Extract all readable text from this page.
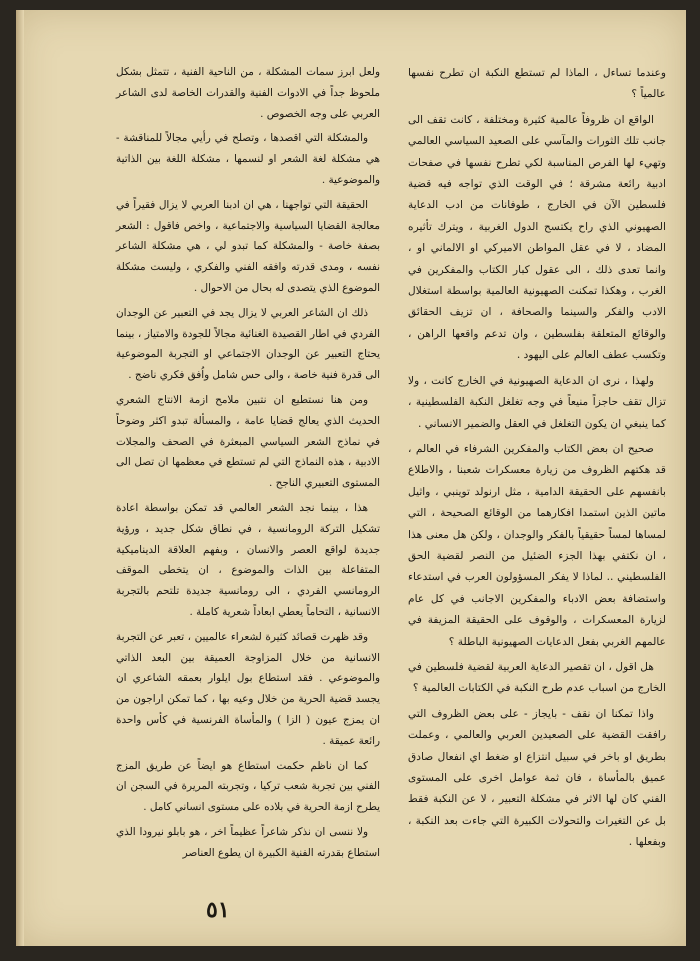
وعندما تساءل ، الماذا لم تستطع النكبة ان تطرح نفسها عالمياً ؟

الواقع ان ظروفاً عالمية كثيرة ومختلفة ، كانت تقف الى جانب تلك الثورات والمآسي على الصعيد السياسي العالمي وتهيء لها الفرص المناسبة لكي تطرح نفسها في صفحات ادبية رائعة مشرقة ؛ في الوقت الذي تواجه فيه قضية فلسطين الآن في الخارج ، طوفانات من ادب الدعاية الصهيوني الذي راح يكتسح الدول الغربية ، ويترك تأثيره المضاد ، لا في عقل المواطن الاميركي او الالماني او ، وانما تعدى ذلك ، الى عقول كبار الكتاب والمفكرين في الغرب ، وهكذا تمكنت الصهيونية العالمية بواسطة استغلال الادب والفكر والسينما والصحافة ، ان تزيف الحقائق والوقائع المتعلقة بفلسطين ، وان تدعم واقعها الراهن ، وتكسب عطف العالم على اليهود .

ولهذا ، نرى ان الدعاية الصهيونية في الخارج كانت ، ولا تزال تقف حاجزاً منيعاً في وجه تغلغل النكبة الفلسطينية ، كما ينبغي ان يكون التغلغل في العقل والضمير الانساني .

صحيح ان بعض الكتاب والمفكرين الشرفاء في العالم ، قد هكتهم الظروف من زيارة معسكرات شعبنا ، والاطلاع بانفسهم على الحقيقة الدامية ، مثل ارنولد توينبي ، واثيل ماتين الذين استمدا افكارهما من الوقائع الصحيحة ، التي لمساها لمساً حقيقياً بالفكر والوجدان ، ولكن هل معنى هذا ، ان نكتفي بهذا الجزء الضئيل من النصر لقضية الحق الفلسطيني .. لماذا لا يفكر المسؤولون العرب في استدعاء واستضافة بعض الادباء والمفكرين الاجانب في كل عام لزيارة المعسكرات ، والوقوف على الحقيقة المزيفة في عالمهم الغربي بفعل الدعايات الصهيونية الباطلة ؟

هل اقول ، ان تقصير الدعاية العربية لقضية فلسطين في الخارج من اسباب عدم طرح النكبة في الكتابات العالمية ؟

واذا تمكنا ان نقف - بايجاز - على بعض الظروف التي رافقت القضية على الصعيدين العربي والعالمي ، وعملت بطريق او باخر في سبيل انتزاع او ضغط اي انفعال صادق عميق بالمأساة ، فان ثمة عوامل اخرى على المستوى الفني كان لها الاثر في مشكلة التعبير ، لا عن النكبة فقط بل عن التغيرات والتحولات الكبيرة التي جاءت بعد النكبة ، وبفعلها .

ولعل ابرز سمات المشكلة ، من الناحية الفنية ، تتمثل بشكل ملحوظ جداً في الادوات الفنية والقدرات الخاصة لدى الشاعر العربي على وجه الخصوص .

والمشكلة التي اقصدها ، وتصلح في رأيي مجالاً للمناقشة - هي مشكلة لغة الشعر او لنسمها ، مشكلة اللغة بين الذاتية والموضوعية .

الحقيقة التي تواجهنا ، هي ان ادبنا العربي لا يزال فقيراً في معالجة القضايا السياسية والاجتماعية ، واخص فاقول : الشعر بصفة خاصة - والمشكلة كما تبدو لي ، هي مشكلة الشاعر نفسه ، ومدى قدرته وافقه الفني والفكري ، وليست مشكلة الموضوع الذي يتصدى له بحال من الاحوال .

ذلك ان الشاعر العربي لا يزال يجد في التعبير عن الوجدان الفردي في اطار القصيدة الغنائية مجالاً للجودة والامتياز ، بينما يحتاج التعبير عن الوجدان الاجتماعي او التجربة الموضوعية الى قدرة فنية خاصة ، والى حس شامل واُفق فكري ناضج .

ومن هنا نستطيع ان نتبين ملامح ازمة الانتاج الشعري الحديث الذي يعالج قضايا عامة ، والمسألة تبدو اكثر وضوحاً في نماذج الشعر السياسي المبعثرة في الصحف والمجلات الادبية ، هذه النماذج التي لم تستطع في معظمها ان تصل الى المستوى التعبيري الناجح .

هذا ، بينما نجد الشعر العالمي قد تمكن بواسطة اعادة تشكيل التركة الرومانسية ، في نطاق شكل جديد ، ورؤية جديدة لواقع العصر والانسان ، وبفهم العلاقة الديناميكية المتفاعلة بين الذات والموضوع ، ان يتخطى الموقف الرومانسي الفردي ، الى رومانسية جديدة تلتحم بالتجربة الانسانية ، التحاماً يعطي ابعاداً شعرية كاملة .

وقد ظهرت قصائد كثيرة لشعراء عالميين ، تعبر عن التجربة الانسانية من خلال المزاوجة العميقة بين البعد الذاتي والموضوعي . فقد استطاع بول ايلوار بعمقه الشاعري ان يجسد قضية الحرية من خلال وعيه بها ، كما تمكن اراجون من ان يمزج عيون ( الزا ) والمأساة الفرنسية في كأس واحدة رائعة عميقة .

كما ان ناظم حكمت استطاع هو ايضاً عن طريق المزج الفني بين تجربة شعب تركيا ، وتجربته المريرة في السجن ان يطرح ازمة الحرية في بلاده على مستوى انساني كامل .

ولا ننسى ان نذكر شاعراً عظيماً اخر ، هو بابلو نيرودا الذي استطاع بقدرته الفنية الكبيرة ان يطوع العناصر

٥١
